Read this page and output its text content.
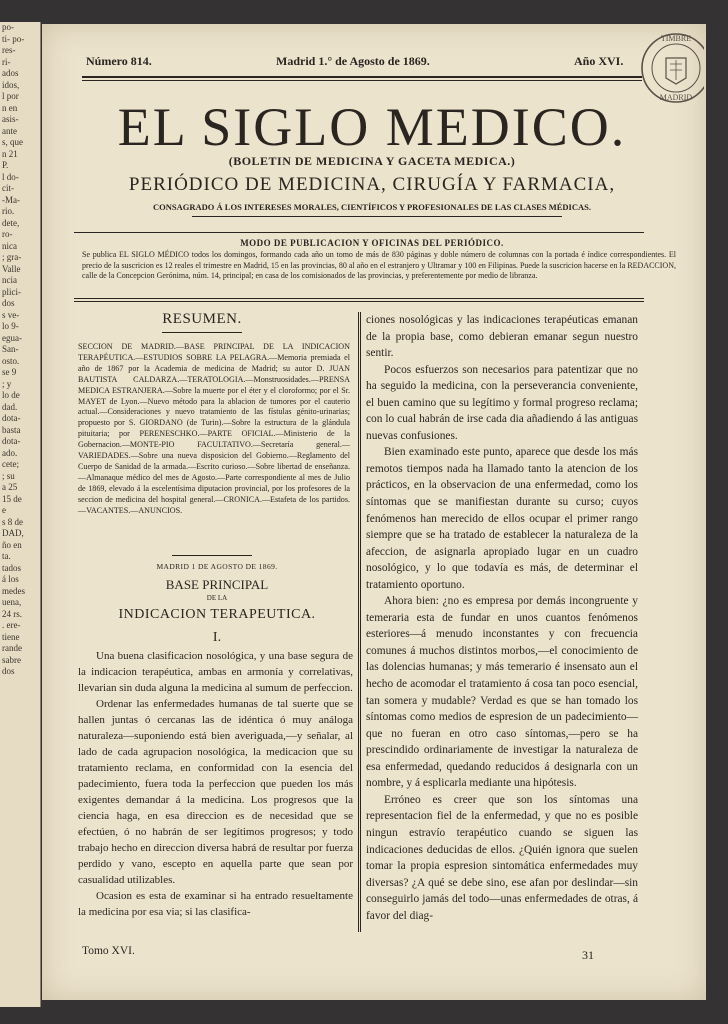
po-
ti- po-
res-
ri-
ados
idos,
l por
n en
asis-
ante
s, que
n 21
P.
l do-
cit-
-Ma-
rio.
dete,
ro-
nica
; gra-
Valle
ncia
plici-
dos
s ve-
lo 9-
egua-
San-
osto.
se 9
; y
lo de
dad.
dota-
basta
dota-
ado.
cete;
; su
a 25
15 de
e
s 8 de
DAD,
ño en
ta.
tados
á los
medes
uena,
24 rs.
. ere-
tiene
rande
sabre
dos
Número 814.	Madrid 1.° de Agosto de 1869.	Año XVI.
EL SIGLO MEDICO.
(BOLETIN DE MEDICINA Y GACETA MEDICA.)
PERIÓDICO DE MEDICINA, CIRUGÍA Y FARMACIA,
CONSAGRADO Á LOS INTERESES MORALES, CIENTÍFICOS Y PROFESIONALES DE LAS CLASES MÉDICAS.
MODO DE PUBLICACION Y OFICINAS DEL PERIÓDICO.

Se publica EL SIGLO MÉDICO todos los domingos, formando cada año un tomo de más de 830 páginas y doble número de columnas con la portada é índice correspondientes. El precio de la suscricion es 12 reales el trimestre en Madrid, 15 en las provincias, 80 al año en el estranjero y Ultramar y 100 en Filipinas. Puede la suscricion hacerse en la REDACCION, calle de la Concepcion Gerónima, núm. 14, principal; en casa de los comisionados de las provincias, y preferentemente por medio de libranza.

RESUMEN.

SECCION DE MADRID.—BASE PRINCIPAL DE LA INDICACION TERAPÉUTICA.—ESTUDIOS SOBRE LA PELAGRA.—Memoria premiada el año de 1867 por la Academia de medicina de Madrid; su autor D. JUAN BAUTISTA CALDARZA.—TERATOLOGIA.—Monstruosidades.—PRENSA MEDICA ESTRANJERA.—Sobre la muerte por el éter y el cloroformo; por el Sr. MAYET de Lyon.—Nuevo método para la ablacion de tumores por el cauterio actual.—Consideraciones y nuevo tratamiento de las fístulas génito-urinarias; propuesto por S. GIORDANO (de Turin).—Sobre la estructura de la glándula pituitaria; por PERENESCHKO.—PARTE OFICIAL.—Ministerio de la Gobernacion.—MONTE-PIO FACULTATIVO.—Secretaría general.—VARIEDADES.—Sobre una nueva disposicion del Gobierno.—Reglamento del Cuerpo de Sanidad de la armada.—Escrito curioso.—Sobre libertad de enseñanza.—Almanaque médico del mes de Agosto.—Parte correspondiente al mes de Julio de 1869, elevado á la escelentísima diputacion provincial, por los profesores de la seccion de medicina del hospital general.—CRONICA.—Estafeta de los partidos.—VACANTES.—ANUNCIOS.

MADRID 1 DE AGOSTO DE 1869.
BASE PRINCIPAL
DE LA
INDICACION TERAPEUTICA.
I.

Una buena clasificacion nosológica, y una base segura de la indicacion terapéutica, ambas en armonía y correlativas, llevarian sin duda alguna la medicina al sumum de perfeccion.

Ordenar las enfermedades humanas de tal suerte que se hallen juntas ó cercanas las de idéntica ó muy análoga naturaleza—suponiendo está bien averiguada,—y señalar, al lado de cada agrupacion nosológica, la medicacion que su tratamiento reclama, en conformidad con la esencia del padecimiento, fuera toda la perfeccion que pueden los más exigentes demandar á la medicina. Los progresos que la ciencia haga, en esa direccion es de necesidad que se efectúen, ó no habrán de ser legítimos progresos; y todo trabajo hecho en direccion diversa habrá de resultar por fuerza perdido y vano, escepto en aquella parte que sean por casualidad utilizables.

Ocasion es esta de examinar si ha entrado resueltamente la medicina por esa via; si las clasifica-

ciones nosológicas y las indicaciones terapéuticas emanan de la propia base, como debieran emanar segun nuestro sentir.

Pocos esfuerzos son necesarios para patentizar que no ha seguido la medicina, con la perseverancia conveniente, el buen camino que su legítimo y formal progreso reclama; con lo cual habrán de irse cada dia añadiendo á las antiguas nuevas confusiones.

Bien examinado este punto, aparece que desde los más remotos tiempos nada ha llamado tanto la atencion de los prácticos, en la observacion de una enfermedad, como los síntomas que se manifiestan durante su curso; cuyos fenómenos han merecido de ellos ocupar el primer rango siempre que se ha tratado de establecer la naturaleza de la afeccion, de asignarla apropiado lugar en un cuadro nosológico, y lo que todavía es más, de determinar el tratamiento oportuno.

Ahora bien: ¿no es empresa por demás incongruente y temeraria esta de fundar en unos cuantos fenómenos esteriores—á menudo inconstantes y con frecuencia comunes á muchos distintos morbos,—el conocimiento de las dolencias humanas; y más temerario é insensato aun el hecho de acomodar el tratamiento á cosa tan poco esencial, tan somera y mudable? Verdad es que se han tomado los síntomas como medios de espresion de un padecimiento—que no fueran en otro caso síntomas,—pero se ha prescindido ordinariamente de investigar la naturaleza de esa enfermedad, quedando reducidos á designarla con un nombre, y á esplicarla mediante una hipótesis.

Erróneo es creer que son los síntomas una representacion fiel de la enfermedad, y que no es posible ningun estravío terapéutico cuando se siguen las indicaciones deducidas de ellos. ¿Quién ignora que suelen tomar la propia espresion sintomática enfermedades muy diversas? ¿A qué se debe sino, ese afan por deslindar—sin conseguirlo jamás del todo—unas enfermedades de otras, á favor del diag-

Tomo XVI.	31
TIMBRE
MADRID
